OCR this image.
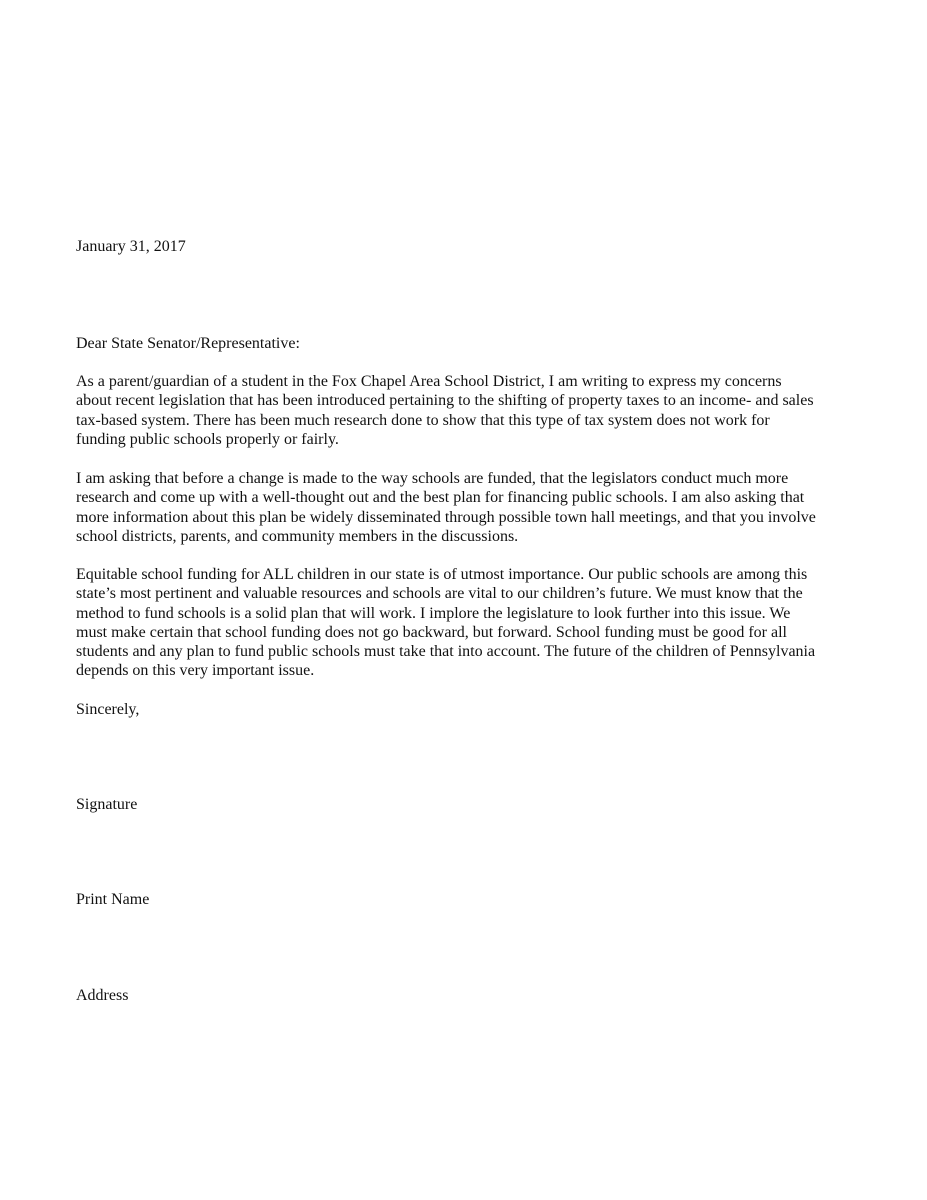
January 31, 2017

Dear State Senator/Representative:

As a parent/guardian of a student in the Fox Chapel Area School District, I am writing to express my concerns
about recent legislation that has been introduced pertaining to the shifting of property taxes to an income- and sales
tax-based system. There has been much research done to show that this type of tax system does not work for
funding public schools properly or fairly.
I am asking that before a change is made to the way schools are funded, that the legislators conduct much more
research and come up with a well-thought out and the best plan for financing public schools. I am also asking that
more information about this plan be widely disseminated through possible town hall meetings, and that you involve
school districts, parents, and community members in the discussions.
Equitable school funding for ALL children in our state is of utmost importance. Our public schools are among this
state’s most pertinent and valuable resources and schools are vital to our children’s future. We must know that the
method to fund schools is a solid plan that will work. I implore the legislature to look further into this issue. We
must make certain that school funding does not go backward, but forward. School funding must be good for all
students and any plan to fund public schools must take that into account. The future of the children of Pennsylvania
depends on this very important issue.

Sincerely,

Signature

Print Name

Address
